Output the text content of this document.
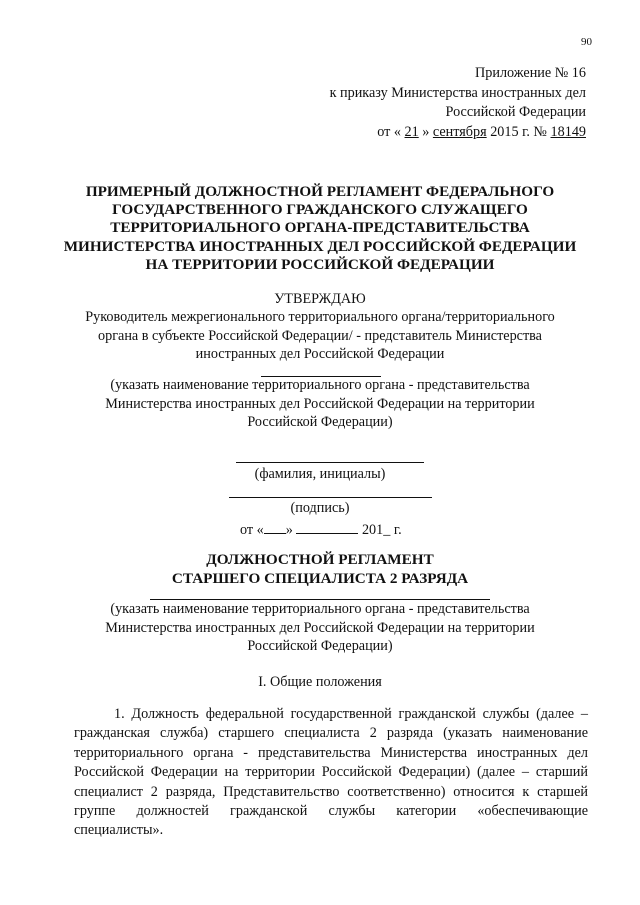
90
Приложение № 16
к приказу Министерства иностранных дел
Российской Федерации
от « 21 » сентября 2015 г. № 18149
ПРИМЕРНЫЙ ДОЛЖНОСТНОЙ РЕГЛАМЕНТ ФЕДЕРАЛЬНОГО
ГОСУДАРСТВЕННОГО ГРАЖДАНСКОГО СЛУЖАЩЕГО
ТЕРРИТОРИАЛЬНОГО ОРГАНА-ПРЕДСТАВИТЕЛЬСТВА
МИНИСТЕРСТВА ИНОСТРАННЫХ ДЕЛ РОССИЙСКОЙ ФЕДЕРАЦИИ
НА ТЕРРИТОРИИ РОССИЙСКОЙ ФЕДЕРАЦИИ
УТВЕРЖДАЮ
Руководитель межрегионального территориального органа/территориального
органа в субъекте Российской Федерации/ - представитель Министерства
иностранных дел Российской Федерации
(указать наименование территориального органа - представительства
Министерства иностранных дел Российской Федерации на территории
Российской Федерации)
(фамилия, инициалы)
(подпись)
от « »	201_ г.
ДОЛЖНОСТНОЙ РЕГЛАМЕНТ
СТАРШЕГО СПЕЦИАЛИСТА 2 РАЗРЯДА
(указать наименование территориального органа - представительства
Министерства иностранных дел Российской Федерации на территории
Российской Федерации)
I. Общие положения
1. Должность федеральной государственной гражданской службы (далее – гражданская служба) старшего специалиста 2 разряда (указать наименование территориального органа - представительства Министерства иностранных дел Российской Федерации на территории Российской Федерации) (далее – старший специалист 2 разряда, Представительство соответственно) относится к старшей группе должностей гражданской службы категории «обеспечивающие специалисты».
